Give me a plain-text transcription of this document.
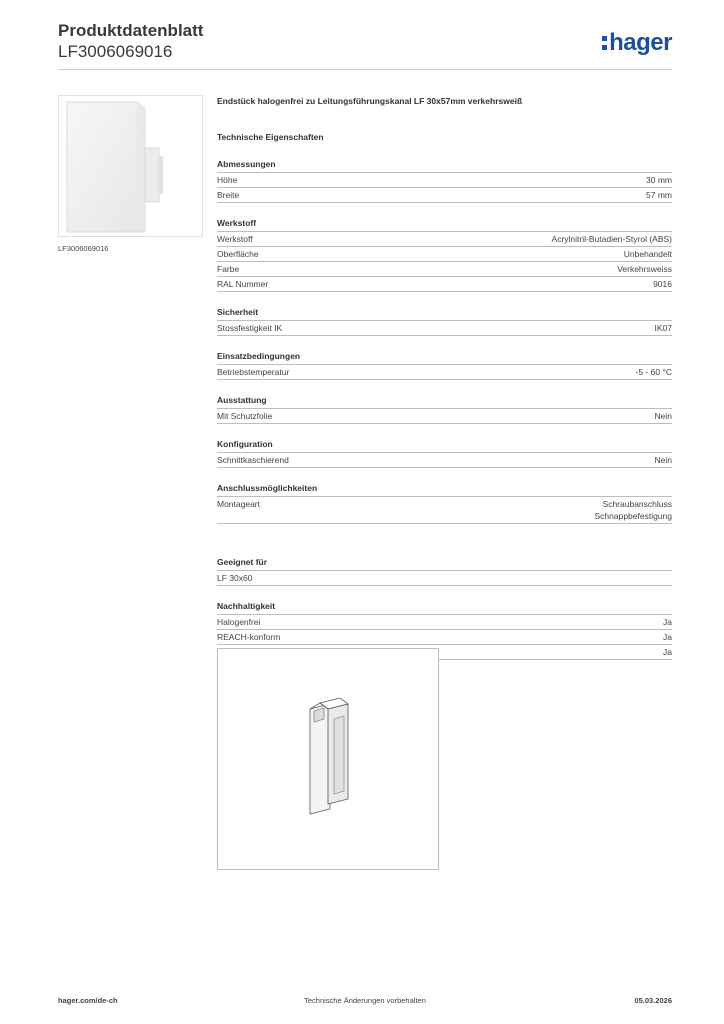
Produktdatenblatt
LF3006069016	hager
LF3006069016
Endstück halogenfrei zu Leitungsführungskanal LF 30x57mm verkehrsweiß
Technische Eigenschaften
Abmessungen
Höhe	30 mm
Breite	57 mm
Werkstoff
Werkstoff	Acrylnitril-Butadien-Styrol (ABS)
Oberfläche	Unbehandelt
Farbe	Verkehrsweiss
RAL Nummer	9016
Sicherheit
Stossfestigkeit IK	IK07
Einsatzbedingungen
Betriebstemperatur	-5 - 60 °C
Ausstattung
Mit Schutzfolie	Nein
Konfiguration
Schnittkaschierend	Nein
Anschlussmöglichkeiten
Montageart	Schraubanschluss
Schnappbefestigung
Geeignet für
LF 30x60
Nachhaltigkeit
Halogenfrei	Ja
REACH-konform	Ja
Ja
hager.com/de-ch	Technische Änderungen vorbehalten	05.03.2026
